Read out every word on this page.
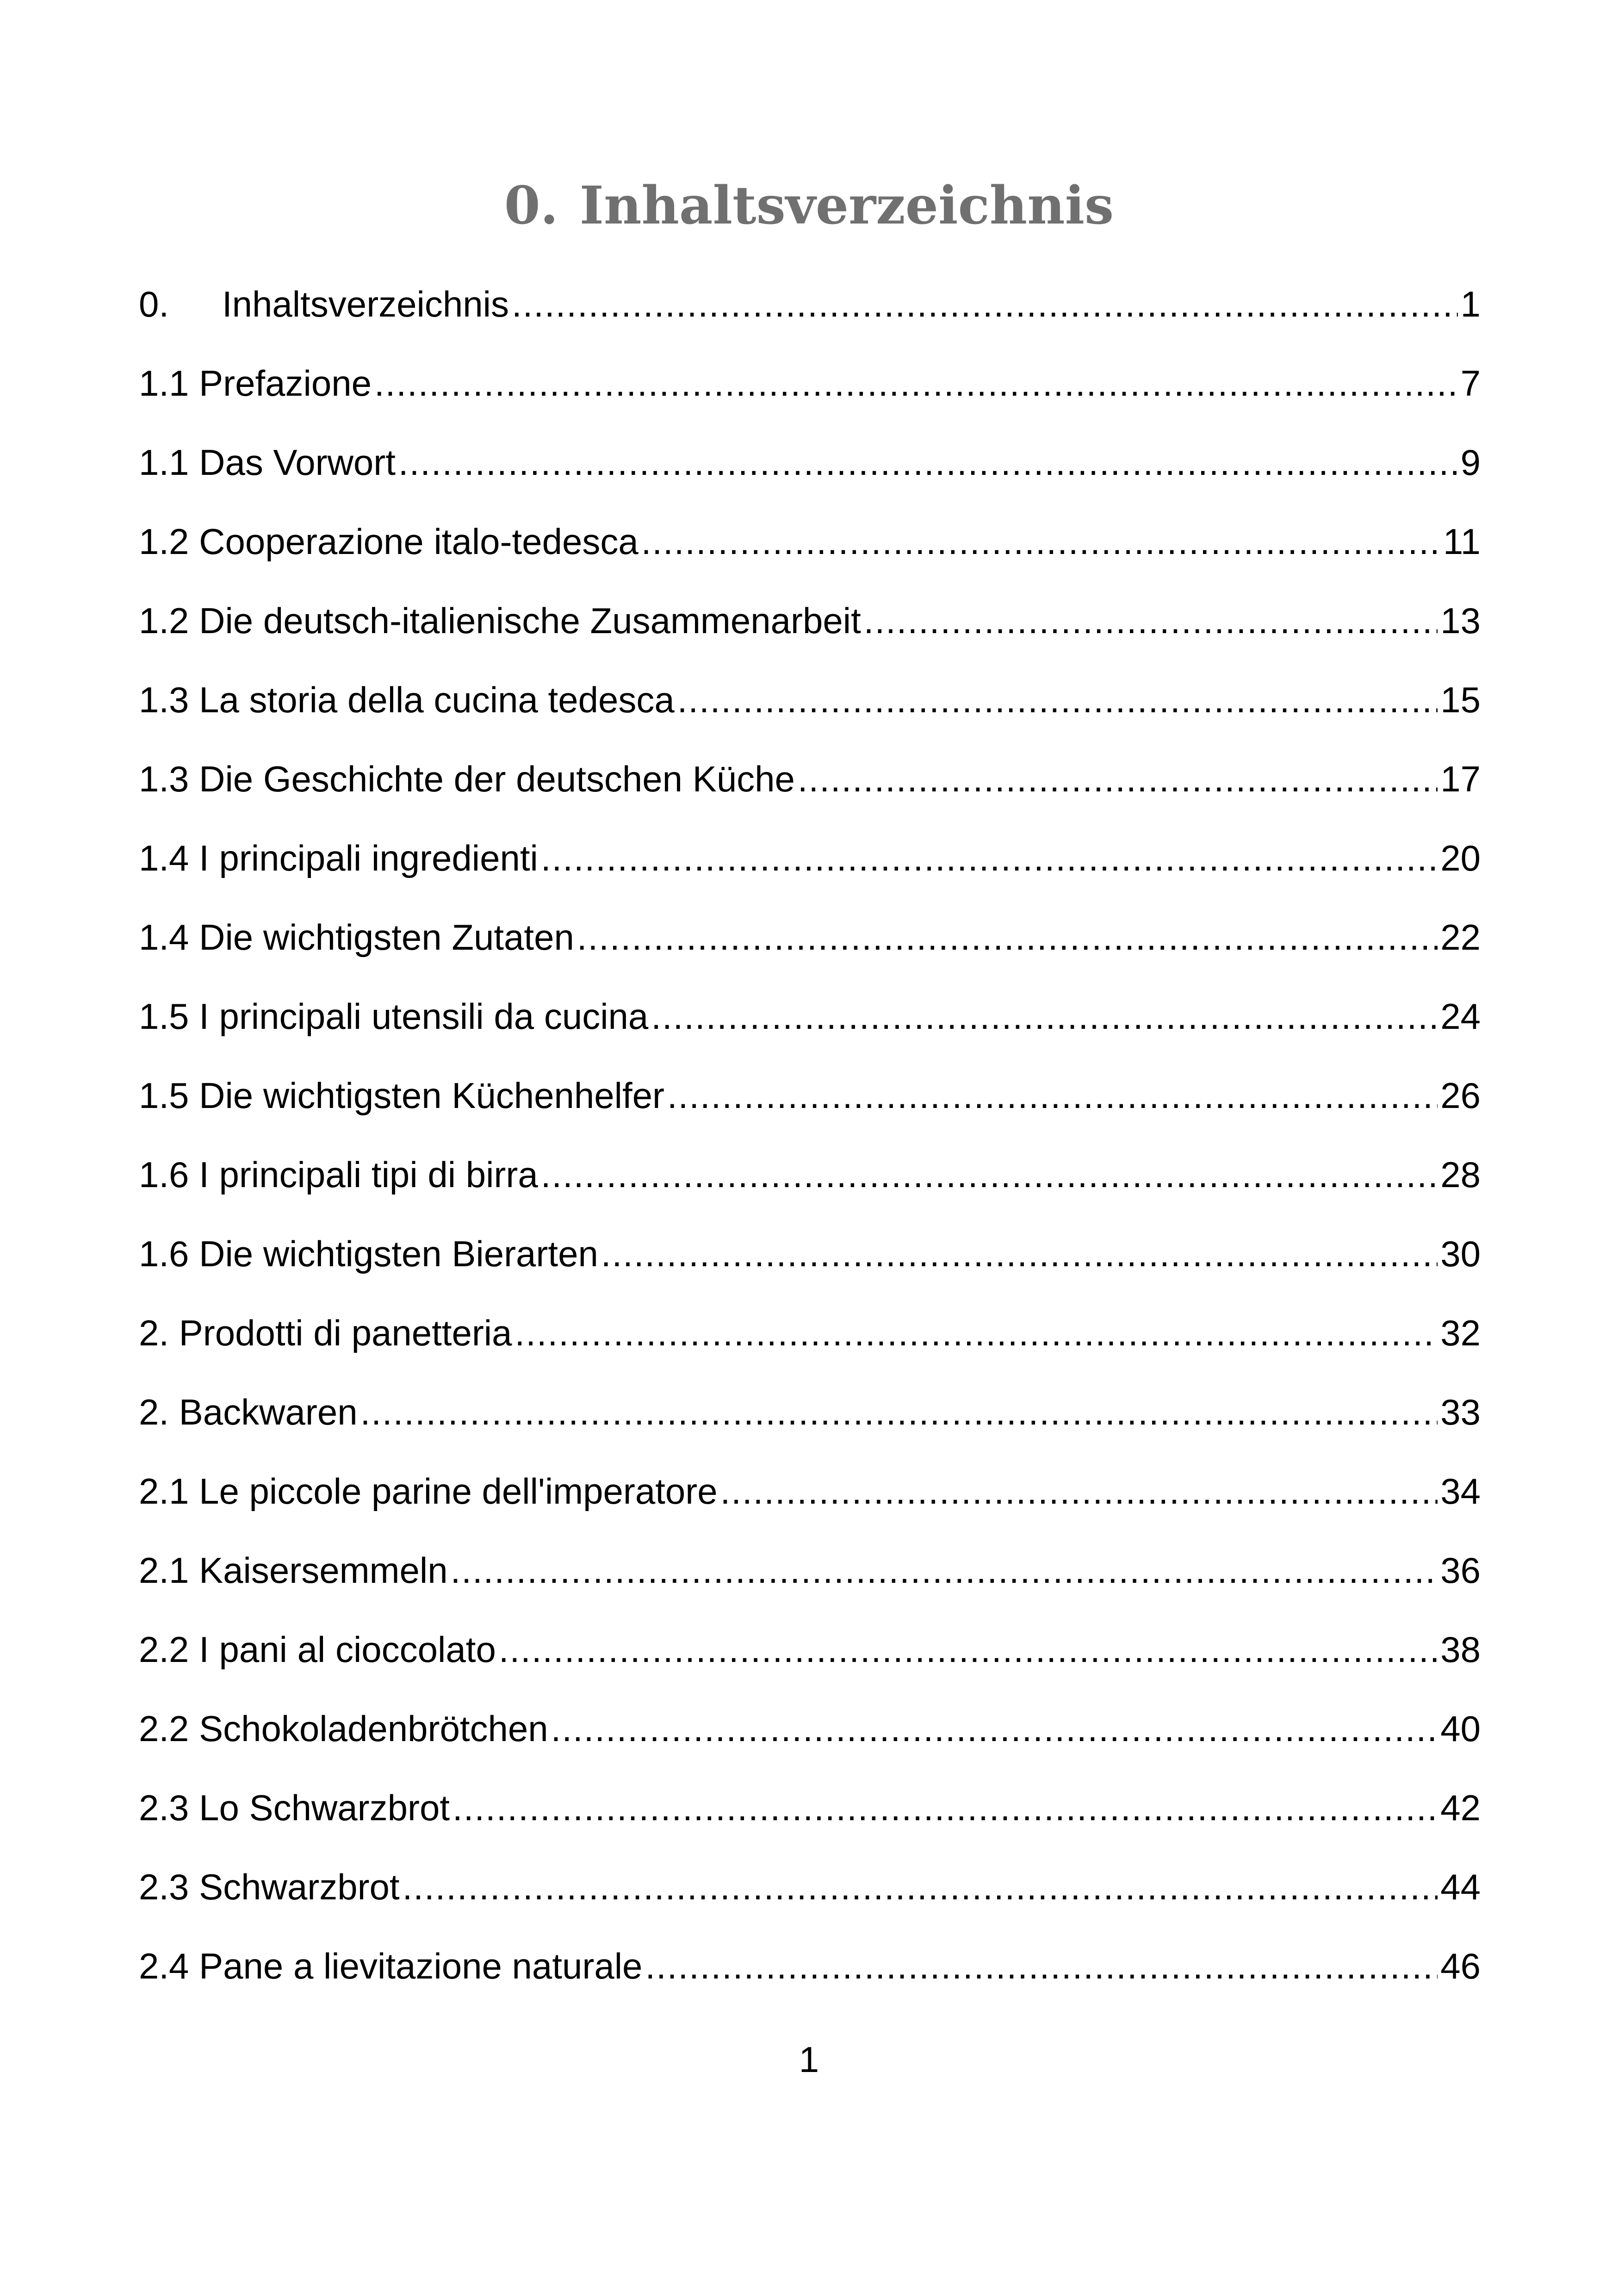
0. Inhaltsverzeichnis
0. Inhaltsverzeichnis .....	1
1.1 Prefazione .....	7
1.1 Das Vorwort .....	9
1.2 Cooperazione italo-tedesca .....	11
1.2 Die deutsch-italienische Zusammenarbeit .....	13
1.3 La storia della cucina tedesca .....	15
1.3 Die Geschichte der deutschen Küche .....	17
1.4 I principali ingredienti .....	20
1.4 Die wichtigsten Zutaten .....	22
1.5 I principali utensili da cucina .....	24
1.5 Die wichtigsten Küchenhelfer .....	26
1.6 I principali tipi di birra .....	28
1.6 Die wichtigsten Bierarten .....	30
2. Prodotti di panetteria .....	32
2. Backwaren .....	33
2.1 Le piccole parine dell'imperatore .....	34
2.1 Kaisersemmeln .....	36
2.2 I pani al cioccolato .....	38
2.2 Schokoladenbrötchen .....	40
2.3 Lo Schwarzbrot .....	42
2.3 Schwarzbrot .....	44
2.4 Pane a lievitazione naturale .....	46
1
